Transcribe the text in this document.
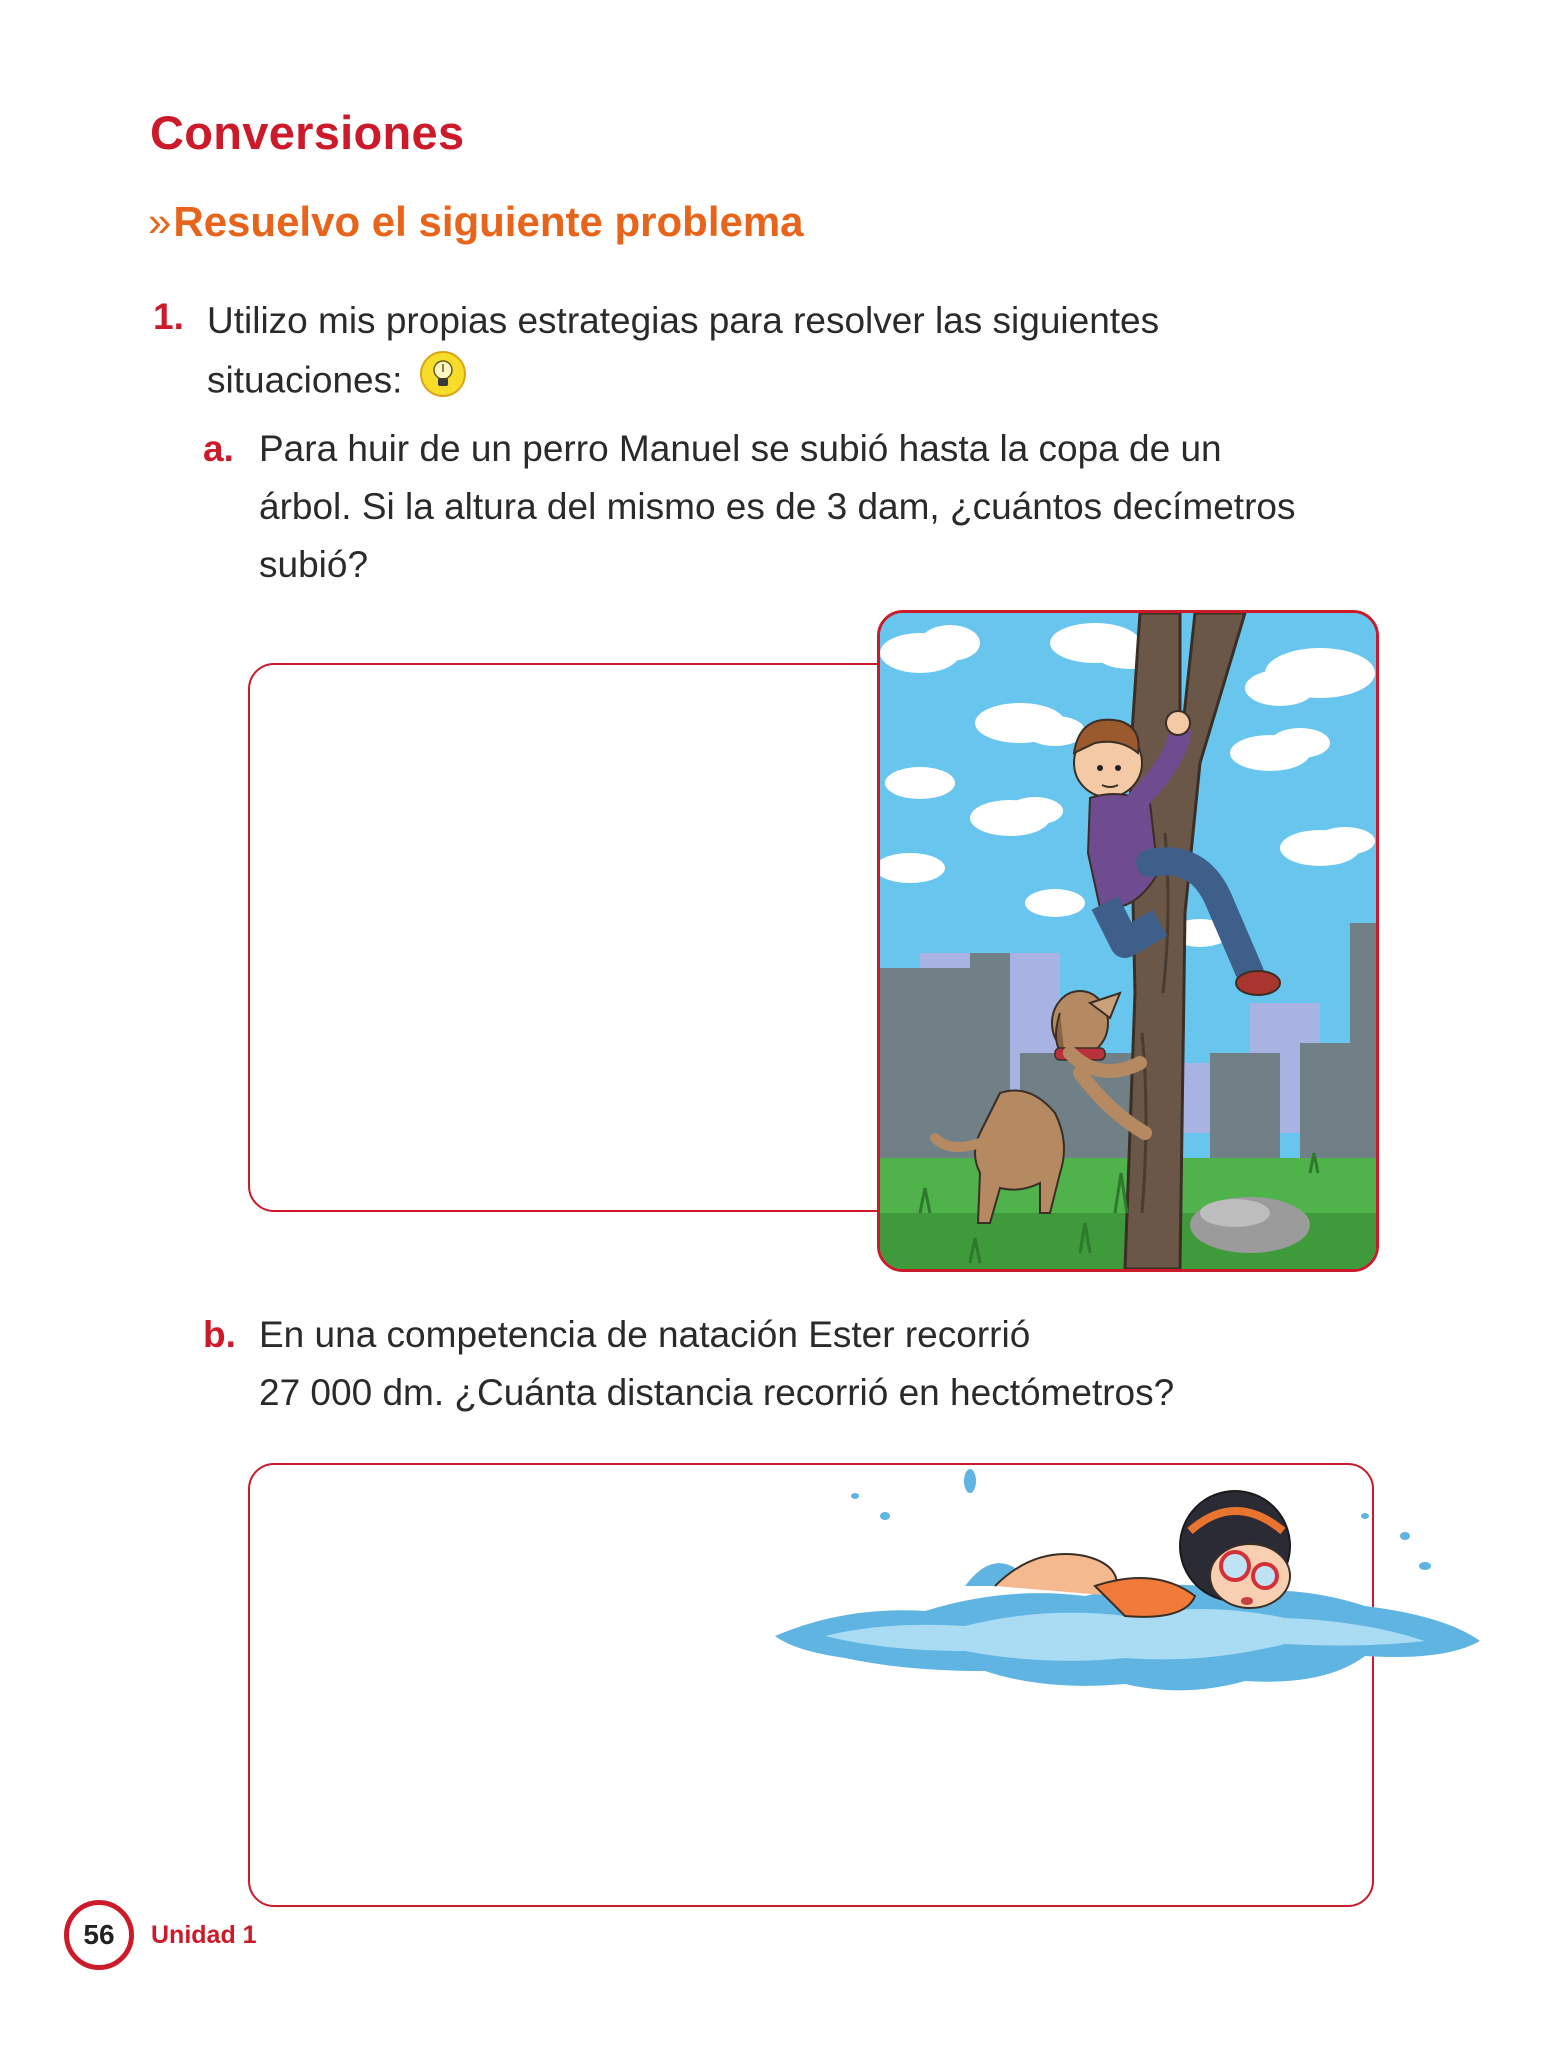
Conversiones
»Resuelvo el siguiente problema
1. Utilizo mis propias estrategias para resolver las siguientes situaciones:
a. Para huir de un perro Manuel se subió hasta la copa de un
árbol. Si la altura del mismo es de 3 dam, ¿cuántos decímetros
subió?
b. En una competencia de natación Ester recorrió
27 000 dm. ¿Cuánta distancia recorrió en hectómetros?
56	Unidad 1
